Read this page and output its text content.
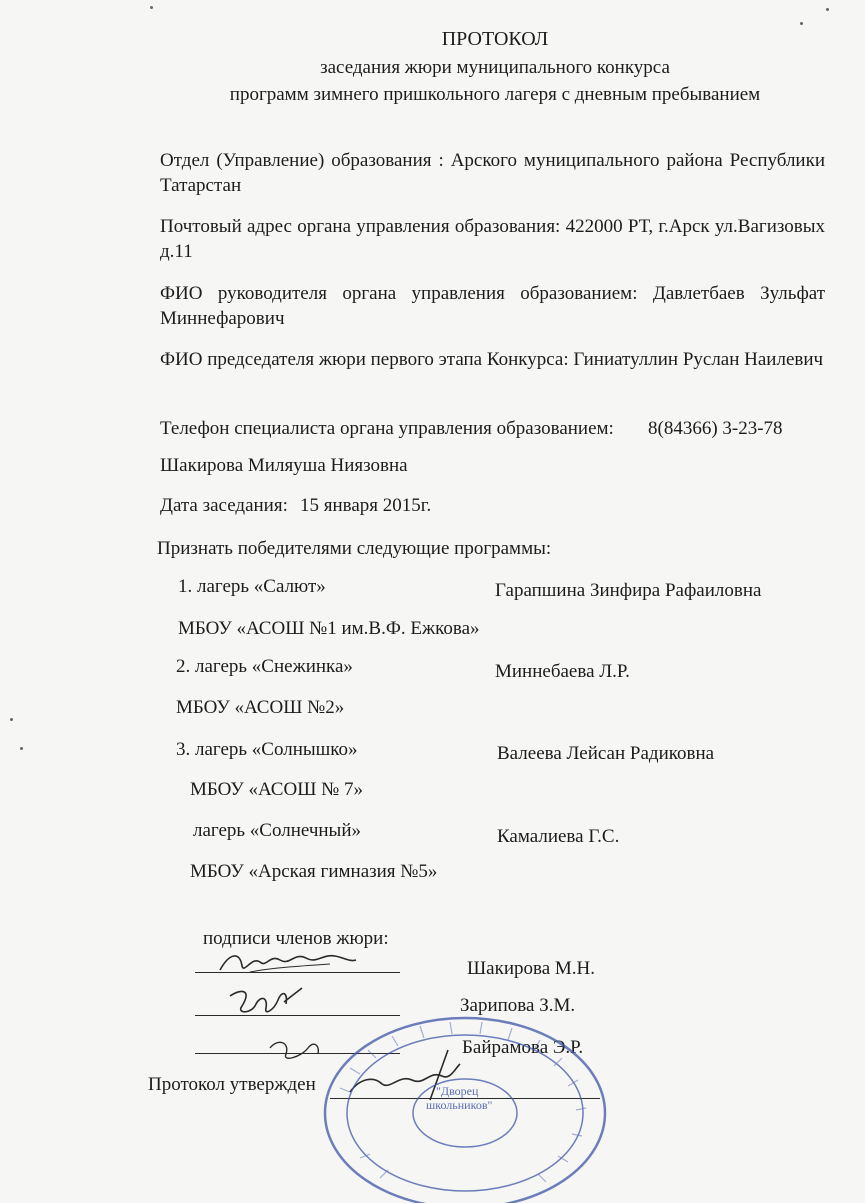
ПРОТОКОЛ
заседания жюри муниципального конкурса
программ зимнего пришкольного лагеря с дневным пребыванием
Отдел (Управление) образования : Арского муниципального района Республики Татарстан
Почтовый адрес органа управления образования: 422000 РТ, г.Арск ул.Вагизовых д.11
ФИО руководителя органа управления образованием: Давлетбаев Зульфат Миннефарович
ФИО председателя жюри первого этапа Конкурса: Гиниатуллин Руслан Наилевич
Телефон специалиста органа управления образованием: 8(84366) 3-23-78
Шакирова Миляуша Ниязовна
Дата заседания: 15 января 2015г.
Признать победителями следующие программы:
1. лагерь «Салют»	Гарапшина Зинфира Рафаиловна
МБОУ «АСОШ №1 им.В.Ф. Ежкова»
2. лагерь «Снежинка»	Миннебаева Л.Р.
МБОУ «АСОШ №2»
3. лагерь «Солнышко»	Валеева Лейсан Радиковна
МБОУ «АСОШ № 7»
лагерь «Солнечный»	Камалиева Г.С.
МБОУ «Арская гимназия №5»
подписи членов жюри:
Шакирова М.Н.
Зарипова З.М.
Байрамова Э.Р.
Протокол утвержден	"Дворец
школьников"
